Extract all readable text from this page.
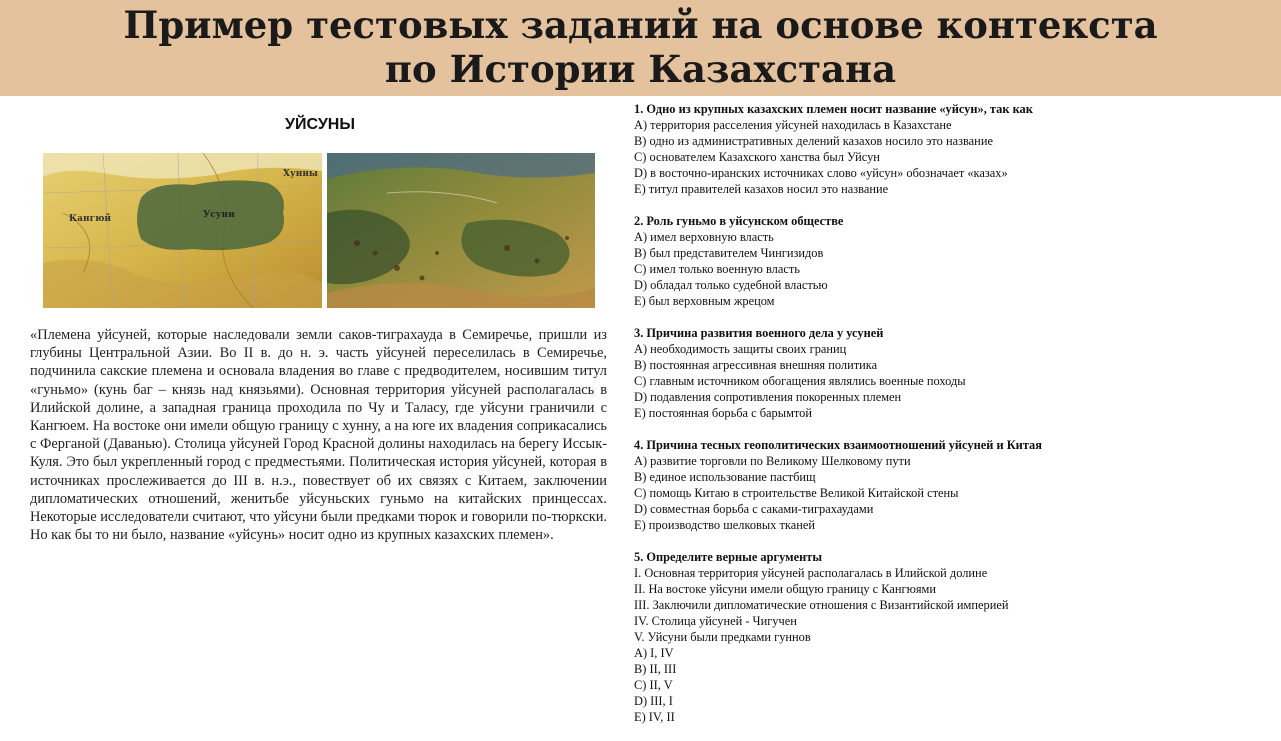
Пример тестовых заданий на основе контекста
по Истории Казахстана
УЙСУНЫ
Хунны
Кангюй	Усуни
«Племена уйсуней, которые наследовали земли саков-тиграхауда в Семиречье, пришли из глубины Центральной Азии. Во II в. до н. э. часть уйсуней переселилась в Семиречье, подчинила сакские племена и основала владения во главе с предводителем, носившим титул «гуньмо» (кунь баг – князь над князьями). Основная территория уйсуней располагалась в Илийской долине, а западная граница проходила по Чу и Таласу, где уйсуни граничили с Кангюем. На востоке они имели общую границу с хунну, а на юге их владения соприкасались с Ферганой (Даванью). Столица уйсуней Город Красной долины находилась на берегу Иссык-Куля. Это был укрепленный город с предместьями. Политическая история уйсуней, которая в источниках прослеживается до III в. н.э., повествует об их связях с Китаем, заключении дипломатических отношений, женитьбе уйсуньских гуньмо на китайских принцессах. Некоторые исследователи считают, что уйсуни были предками тюрок и говорили по-тюркски. Но как бы то ни было, название «уйсунь» носит одно из крупных казахских племен».
1. Одно из крупных казахских племен носит название «уйсун», так как
A) территория расселения уйсуней находилась в Казахстане
B) одно из административных делений казахов носило это название
C) основателем Казахского ханства был Уйсун
D) в восточно-иранских источниках слово «уйсун» обозначает «казах»
E) титул правителей казахов носил это название
2. Роль гуньмо в уйсунском обществе
A) имел верховную власть
B) был представителем Чингизидов
C) имел только военную власть
D) обладал только судебной властью
E) был верховным жрецом
3. Причина развития военного дела у усуней
A) необходимость защиты своих границ
B) постоянная агрессивная внешняя политика
C) главным источником обогащения являлись военные походы
D) подавления сопротивления покоренных племен
E) постоянная борьба с барымтой
4. Причина тесных геополитических взаимоотношений уйсуней и Китая
A) развитие торговли по Великому Шелковому пути
B) единое использование пастбищ
C) помощь Китаю в строительстве Великой Китайской стены
D) совместная борьба с саками-тиграхаудами
E) производство шелковых тканей
5. Определите верные аргументы
I. Основная территория уйсуней располагалась в Илийской долине
II. На востоке уйсуни имели общую границу с Кангюями
III. Заключили дипломатические отношения с Византийской империей
IV. Столица уйсуней - Чигучен
V. Уйсуни были предками гуннов
A) I, IV
B) II, III
C) II, V
D) III, I
E) IV, II
